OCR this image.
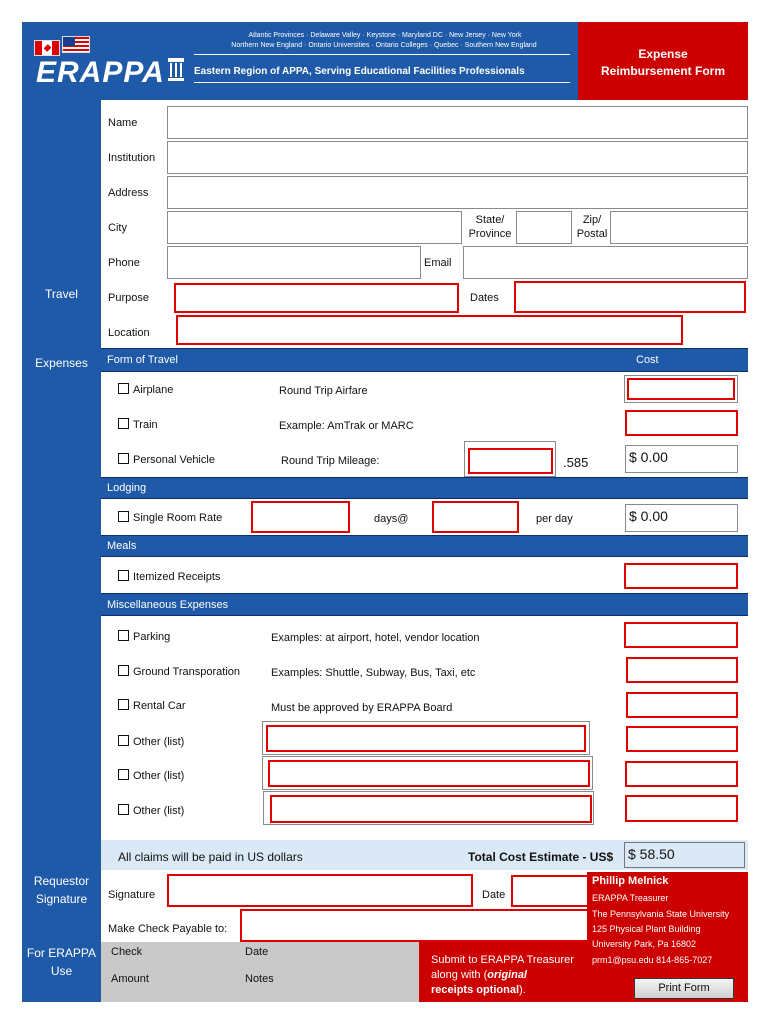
ERAPPA
Atlantic Provinces · Delaware Valley · Keystone · Maryland DC · New Jersey · New York
Northern New England · Ontario Universities · Ontario Colleges · Quebec · Southern New England
Eastern Region of APPA, Serving Educational Facilities Professionals
Expense
Reimbursement Form
Travel
Expenses
Requestor
Signature
For ERAPPA
Use
Name
Institution
Address
City
State/
Province
Zip/
Postal
Phone	Email
Purpose	Dates
Location
Form of Travel	Cost
Airplane	Round Trip Airfare
Train	Example: AmTrak or MARC
Personal Vehicle	Round Trip Mileage:	.585	$ 0.00
Lodging
Single Room Rate	days@	per day	$ 0.00
Meals
Itemized Receipts
Miscellaneous Expenses
Parking	Examples: at airport, hotel, vendor location
Ground Transporation	Examples: Shuttle, Subway, Bus, Taxi, etc
Rental Car	Must be approved by ERAPPA Board
Other (list)
Other (list)
Other (list)
All claims will be paid in US dollars	Total Cost Estimate - US$ $ 58.50
Signature	Date
Make Check Payable to:
Phillip Melnick
ERAPPA Treasurer
The Pennsylvania State University
125 Physical Plant Building
University Park, Pa 16802
prm1@psu.edu 814-865-7027
Print Form
Check	Date
Amount	Notes
Submit to ERAPPA Treasurer
along with (original
receipts optional).
